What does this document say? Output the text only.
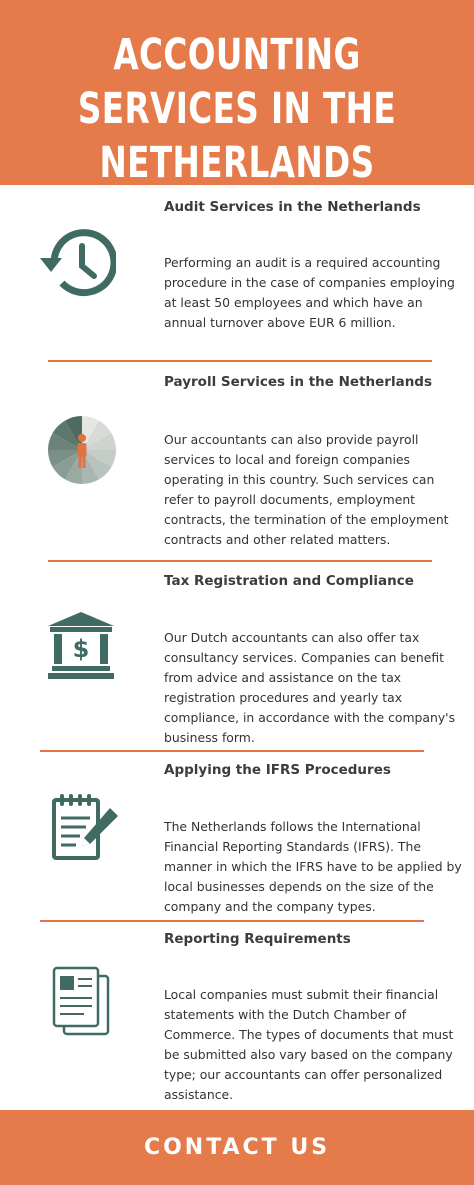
ACCOUNTING SERVICES IN THE NETHERLANDS

Audit Services in the Netherlands

Performing an audit is a required accounting procedure in the case of companies employing at least 50 employees and which have an annual turnover above EUR 6 million.

Payroll Services in the Netherlands

Our accountants can also provide payroll services to local and foreign companies operating in this country. Such services can refer to payroll documents, employment contracts, the termination of the employment contracts and other related matters.

Tax Registration and Compliance

$	Our Dutch accountants can also offer tax consultancy services. Companies can benefit from advice and assistance on the tax registration procedures and yearly tax compliance, in accordance with the company's business form.

Applying the IFRS Procedures

The Netherlands follows the International Financial Reporting Standards (IFRS). The manner in which the IFRS have to be applied by local businesses depends on the size of the company and the company types.

Reporting Requirements

Local companies must submit their financial statements with the Dutch Chamber of Commerce. The types of documents that must be submitted also vary based on the company type; our accountants can offer personalized assistance.

CONTACT US
